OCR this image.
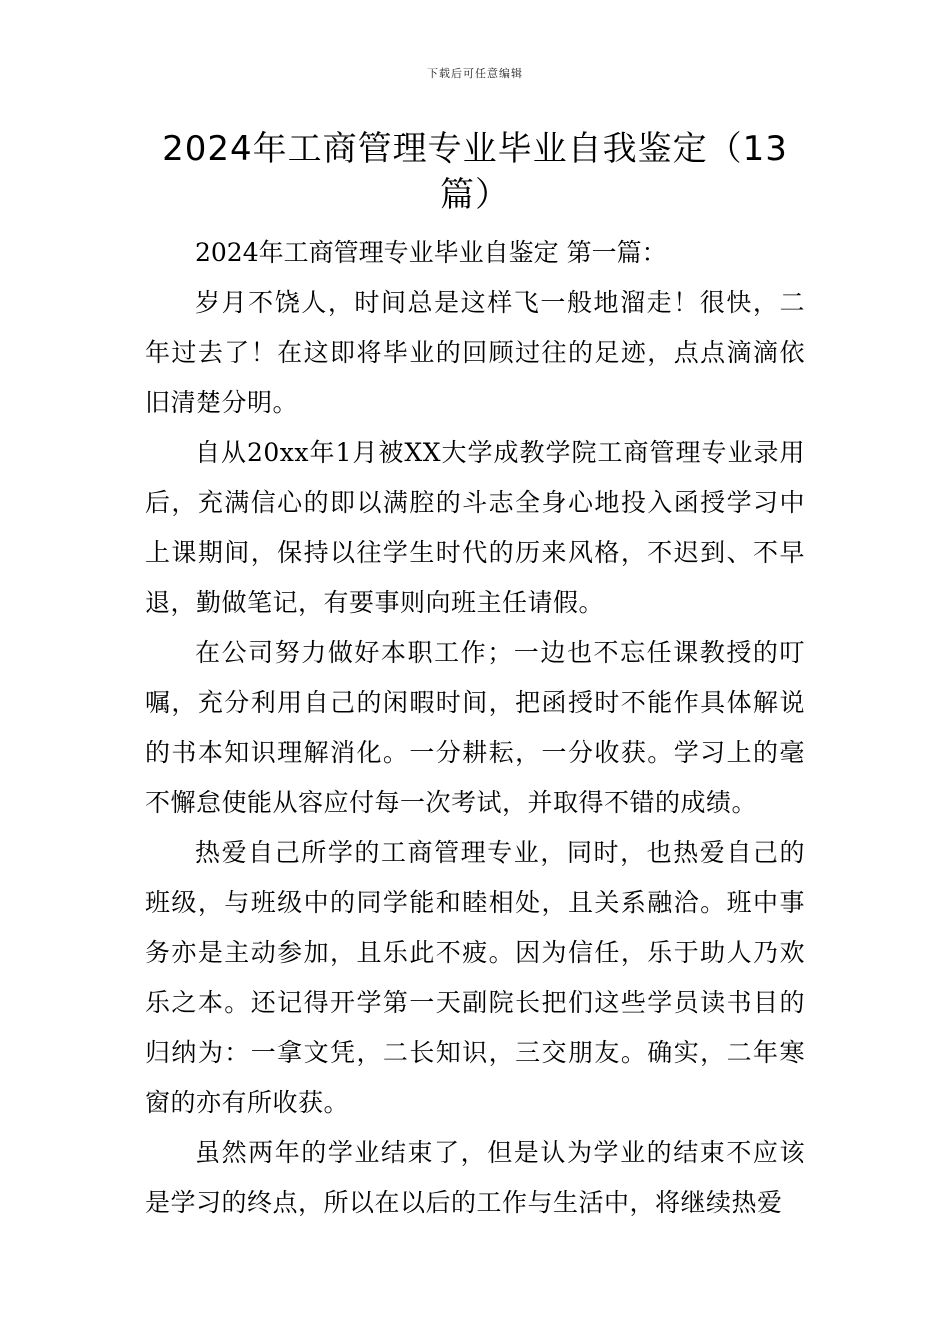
下载后可任意编辑
2024年工商管理专业毕业自我鉴定（13篇）

2024年工商管理专业毕业自鉴定 第一篇：

岁月不饶人，时间总是这样飞一般地溜走！很快，二年过去了！在这即将毕业的回顾过往的足迹，点点滴滴依旧清楚分明。

自从20xx年1月被XX大学成教学院工商管理专业录用后，充满信心的即以满腔的斗志全身心地投入函授学习中上课期间，保持以往学生时代的历来风格，不迟到、不早退，勤做笔记，有要事则向班主任请假。

在公司努力做好本职工作；一边也不忘任课教授的叮嘱，充分利用自己的闲暇时间，把函授时不能作具体解说的书本知识理解消化。一分耕耘，一分收获。学习上的毫不懈怠使能从容应付每一次考试，并取得不错的成绩。

热爱自己所学的工商管理专业，同时，也热爱自己的班级，与班级中的同学能和睦相处，且关系融洽。班中事务亦是主动参加，且乐此不疲。因为信任，乐于助人乃欢乐之本。还记得开学第一天副院长把们这些学员读书目的归纳为：一拿文凭，二长知识，三交朋友。确实，二年寒窗的亦有所收获。

虽然两年的学业结束了，但是认为学业的结束不应该是学习的终点，所以在以后的工作与生活中，将继续热爱
